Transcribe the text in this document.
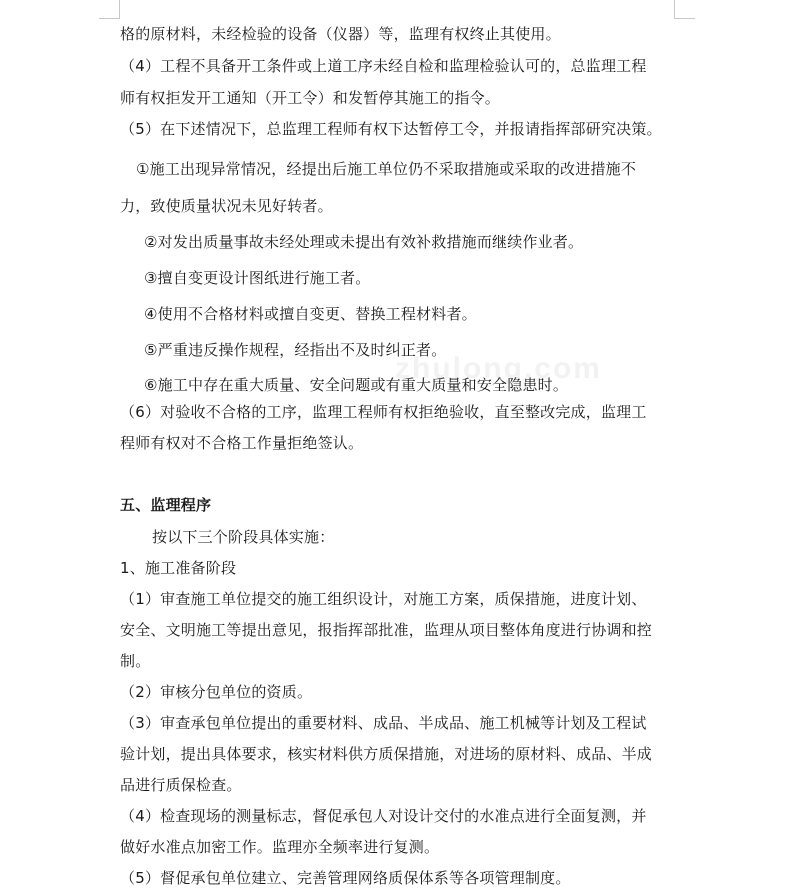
zhulong.com
格的原材料，未经检验的设备（仪器）等，监理有权终止其使用。
（4）工程不具备开工条件或上道工序未经自检和监理检验认可的，总监理工程
师有权拒发开工通知（开工令）和发暂停其施工的指令。
（5）在下述情况下，总监理工程师有权下达暂停工令，并报请指挥部研究决策。
①施工出现异常情况，经提出后施工单位仍不采取措施或采取的改进措施不
力，致使质量状况未见好转者。
②对发出质量事故未经处理或未提出有效补救措施而继续作业者。
③擅自变更设计图纸进行施工者。
④使用不合格材料或擅自变更、替换工程材料者。
⑤严重违反操作规程，经指出不及时纠正者。
⑥施工中存在重大质量、安全问题或有重大质量和安全隐患时。
（6）对验收不合格的工序，监理工程师有权拒绝验收，直至整改完成，监理工
程师有权对不合格工作量拒绝签认。
五、监理程序
按以下三个阶段具体实施：
1、施工准备阶段
（1）审查施工单位提交的施工组织设计，对施工方案，质保措施，进度计划、
安全、文明施工等提出意见，报指挥部批准，监理从项目整体角度进行协调和控
制。
（2）审核分包单位的资质。
（3）审查承包单位提出的重要材料、成品、半成品、施工机械等计划及工程试
验计划，提出具体要求，核实材料供方质保措施，对进场的原材料、成品、半成
品进行质保检查。
（4）检查现场的测量标志，督促承包人对设计交付的水准点进行全面复测，并
做好水准点加密工作。监理亦全频率进行复测。
（5）督促承包单位建立、完善管理网络质保体系等各项管理制度。
